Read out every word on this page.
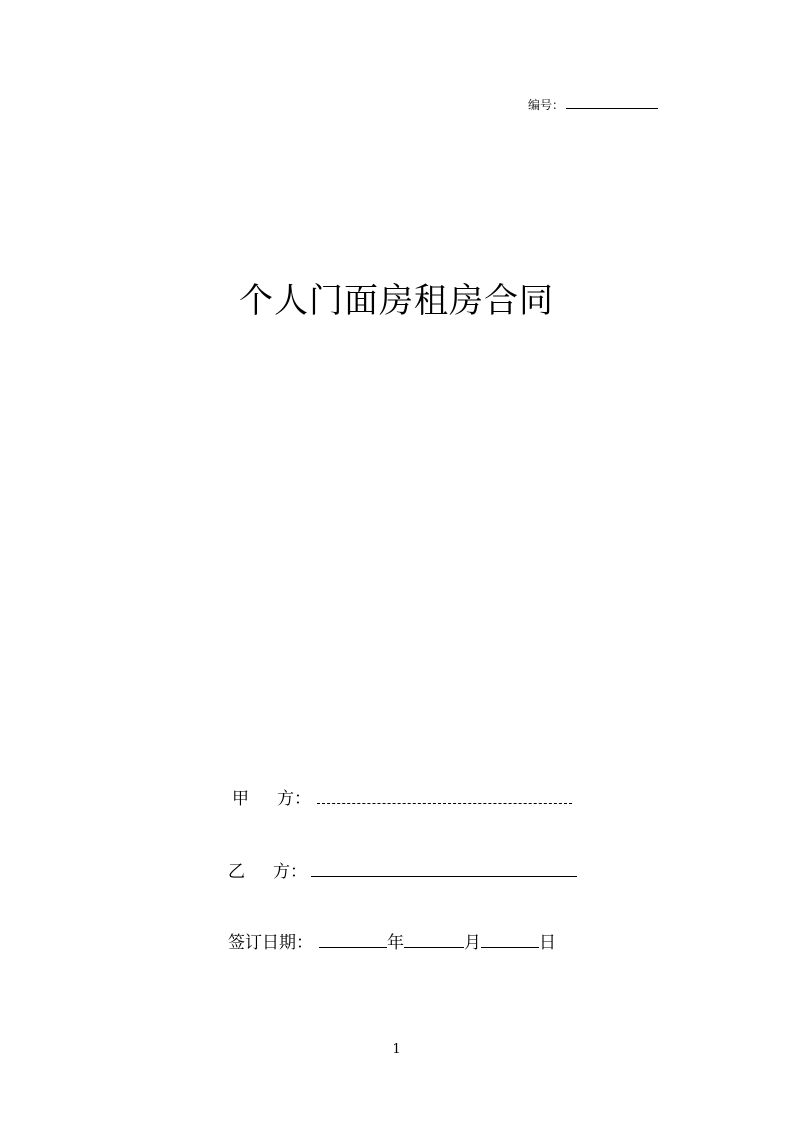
编号：
个人门面房租房合同
甲 方：
乙 方：
签订日期：	年	月	日
1
